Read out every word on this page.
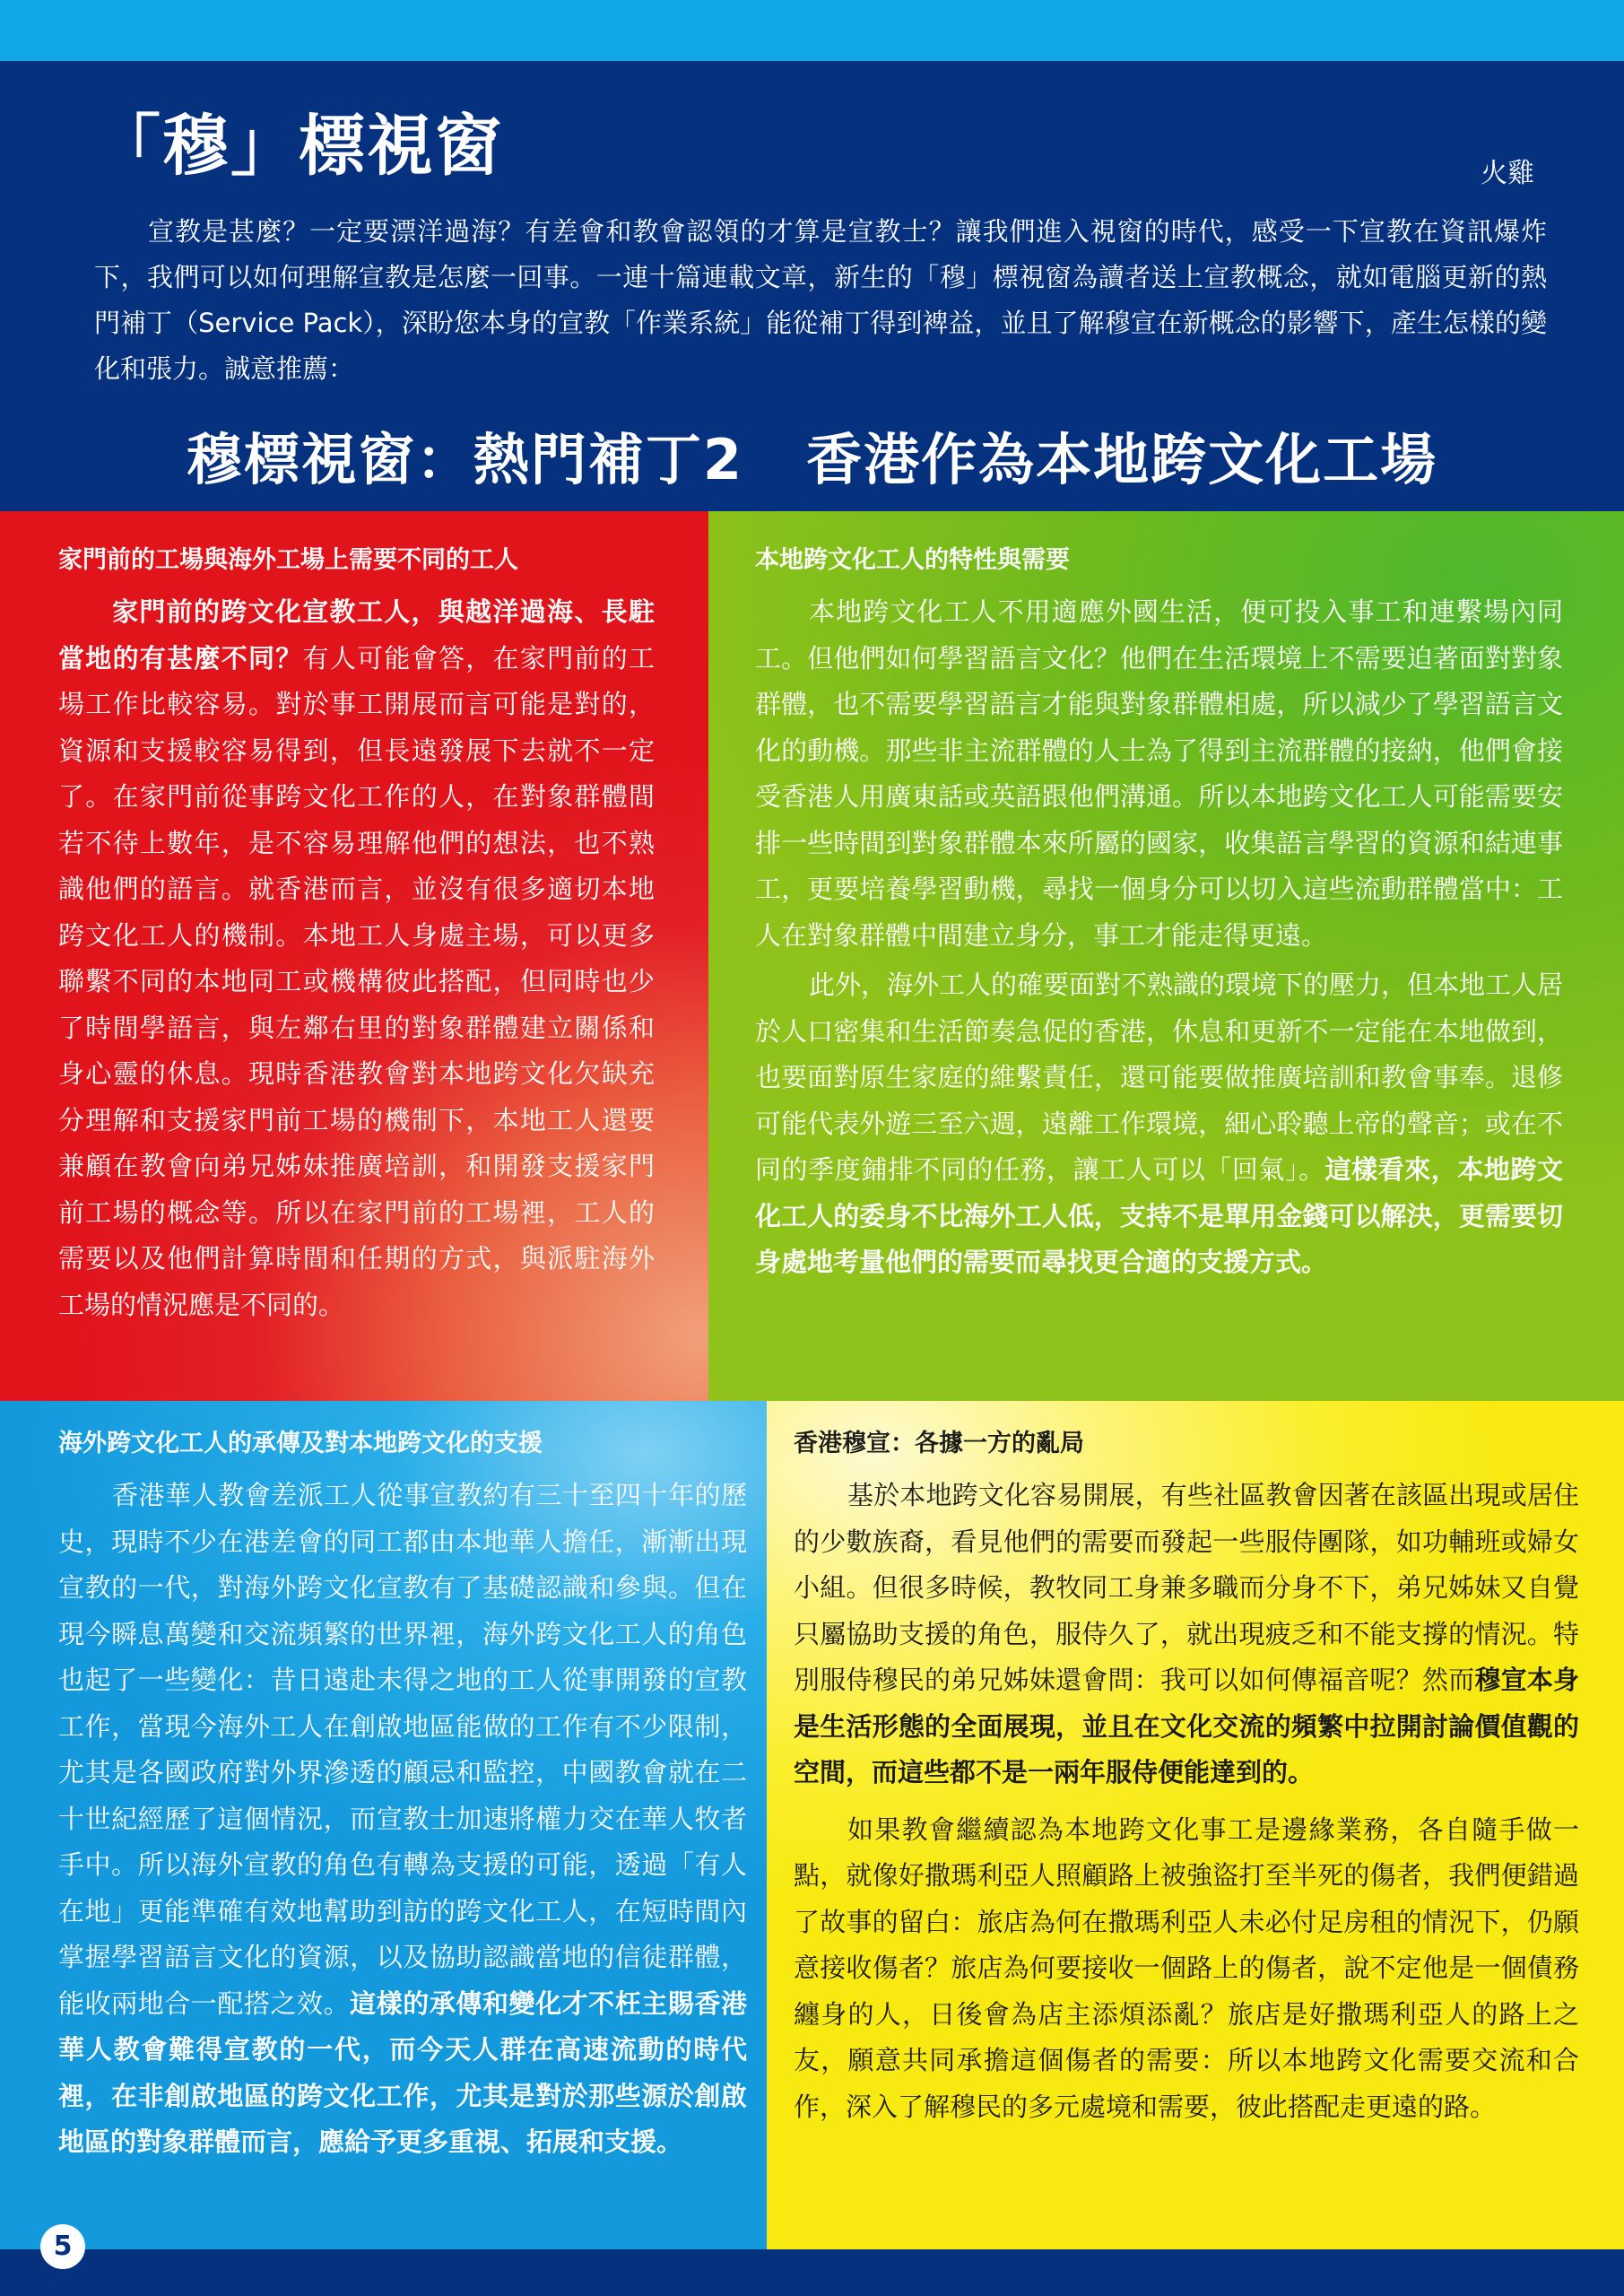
「穆」標視窗	火雞

宣教是甚麼？一定要漂洋過海？有差會和教會認領的才算是宣教士？讓我們進入視窗的時代，感受一下宣教在資訊爆炸下，我們可以如何理解宣教是怎麼一回事。一連十篇連載文章，新生的「穆」標視窗為讀者送上宣教概念，就如電腦更新的熱門補丁（Service Pack），深盼您本身的宣教「作業系統」能從補丁得到裨益，並且了解穆宣在新概念的影響下，產生怎樣的變化和張力。誠意推薦：

穆標視窗：熱門補丁2 香港作為本地跨文化工場
家門前的工場與海外工場上需要不同的工人

家門前的跨文化宣教工人，與越洋過海、長駐當地的有甚麼不同？有人可能會答，在家門前的工場工作比較容易。對於事工開展而言可能是對的，資源和支援較容易得到，但長遠發展下去就不一定了。在家門前從事跨文化工作的人，在對象群體間若不待上數年，是不容易理解他們的想法，也不熟識他們的語言。就香港而言，並沒有很多適切本地跨文化工人的機制。本地工人身處主場，可以更多聯繫不同的本地同工或機構彼此搭配，但同時也少了時間學語言，與左鄰右里的對象群體建立關係和身心靈的休息。現時香港教會對本地跨文化欠缺充分理解和支援家門前工場的機制下，本地工人還要兼顧在教會向弟兄姊妹推廣培訓，和開發支援家門前工場的概念等。所以在家門前的工場裡，工人的需要以及他們計算時間和任期的方式，與派駐海外工場的情況應是不同的。

本地跨文化工人的特性與需要

本地跨文化工人不用適應外國生活，便可投入事工和連繫場內同工。但他們如何學習語言文化？他們在生活環境上不需要迫著面對對象群體，也不需要學習語言才能與對象群體相處，所以減少了學習語言文化的動機。那些非主流群體的人士為了得到主流群體的接納，他們會接受香港人用廣東話或英語跟他們溝通。所以本地跨文化工人可能需要安排一些時間到對象群體本來所屬的國家，收集語言學習的資源和結連事工，更要培養學習動機，尋找一個身分可以切入這些流動群體當中：工人在對象群體中間建立身分，事工才能走得更遠。

此外，海外工人的確要面對不熟識的環境下的壓力，但本地工人居於人口密集和生活節奏急促的香港，休息和更新不一定能在本地做到，也要面對原生家庭的維繫責任，還可能要做推廣培訓和教會事奉。退修可能代表外遊三至六週，遠離工作環境，細心聆聽上帝的聲音；或在不同的季度鋪排不同的任務，讓工人可以「回氣」。這樣看來，本地跨文化工人的委身不比海外工人低，支持不是單用金錢可以解決，更需要切身處地考量他們的需要而尋找更合適的支援方式。

海外跨文化工人的承傳及對本地跨文化的支援

香港華人教會差派工人從事宣教約有三十至四十年的歷史，現時不少在港差會的同工都由本地華人擔任，漸漸出現宣教的一代，對海外跨文化宣教有了基礎認識和參與。但在現今瞬息萬變和交流頻繁的世界裡，海外跨文化工人的角色也起了一些變化：昔日遠赴未得之地的工人從事開發的宣教工作，當現今海外工人在創啟地區能做的工作有不少限制，尤其是各國政府對外界滲透的顧忌和監控，中國教會就在二十世紀經歷了這個情況，而宣教士加速將權力交在華人牧者手中。所以海外宣教的角色有轉為支援的可能，透過「有人在地」更能準確有效地幫助到訪的跨文化工人，在短時間內掌握學習語言文化的資源，以及協助認識當地的信徒群體，能收兩地合一配搭之效。這樣的承傳和變化才不枉主賜香港華人教會難得宣教的一代，而今天人群在高速流動的時代裡，在非創啟地區的跨文化工作，尤其是對於那些源於創啟地區的對象群體而言，應給予更多重視、拓展和支援。

香港穆宣：各據一方的亂局

基於本地跨文化容易開展，有些社區教會因著在該區出現或居住的少數族裔，看見他們的需要而發起一些服侍團隊，如功輔班或婦女小組。但很多時候，教牧同工身兼多職而分身不下，弟兄姊妹又自覺只屬協助支援的角色，服侍久了，就出現疲乏和不能支撐的情況。特別服侍穆民的弟兄姊妹還會問：我可以如何傳福音呢？然而穆宣本身是生活形態的全面展現，並且在文化交流的頻繁中拉開討論價值觀的空間，而這些都不是一兩年服侍便能達到的。

如果教會繼續認為本地跨文化事工是邊緣業務，各自隨手做一點，就像好撒瑪利亞人照顧路上被強盜打至半死的傷者，我們便錯過了故事的留白：旅店為何在撒瑪利亞人未必付足房租的情況下，仍願意接收傷者？旅店為何要接收一個路上的傷者，說不定他是一個債務纏身的人，日後會為店主添煩添亂？旅店是好撒瑪利亞人的路上之友，願意共同承擔這個傷者的需要：所以本地跨文化需要交流和合作，深入了解穆民的多元處境和需要，彼此搭配走更遠的路。

5
